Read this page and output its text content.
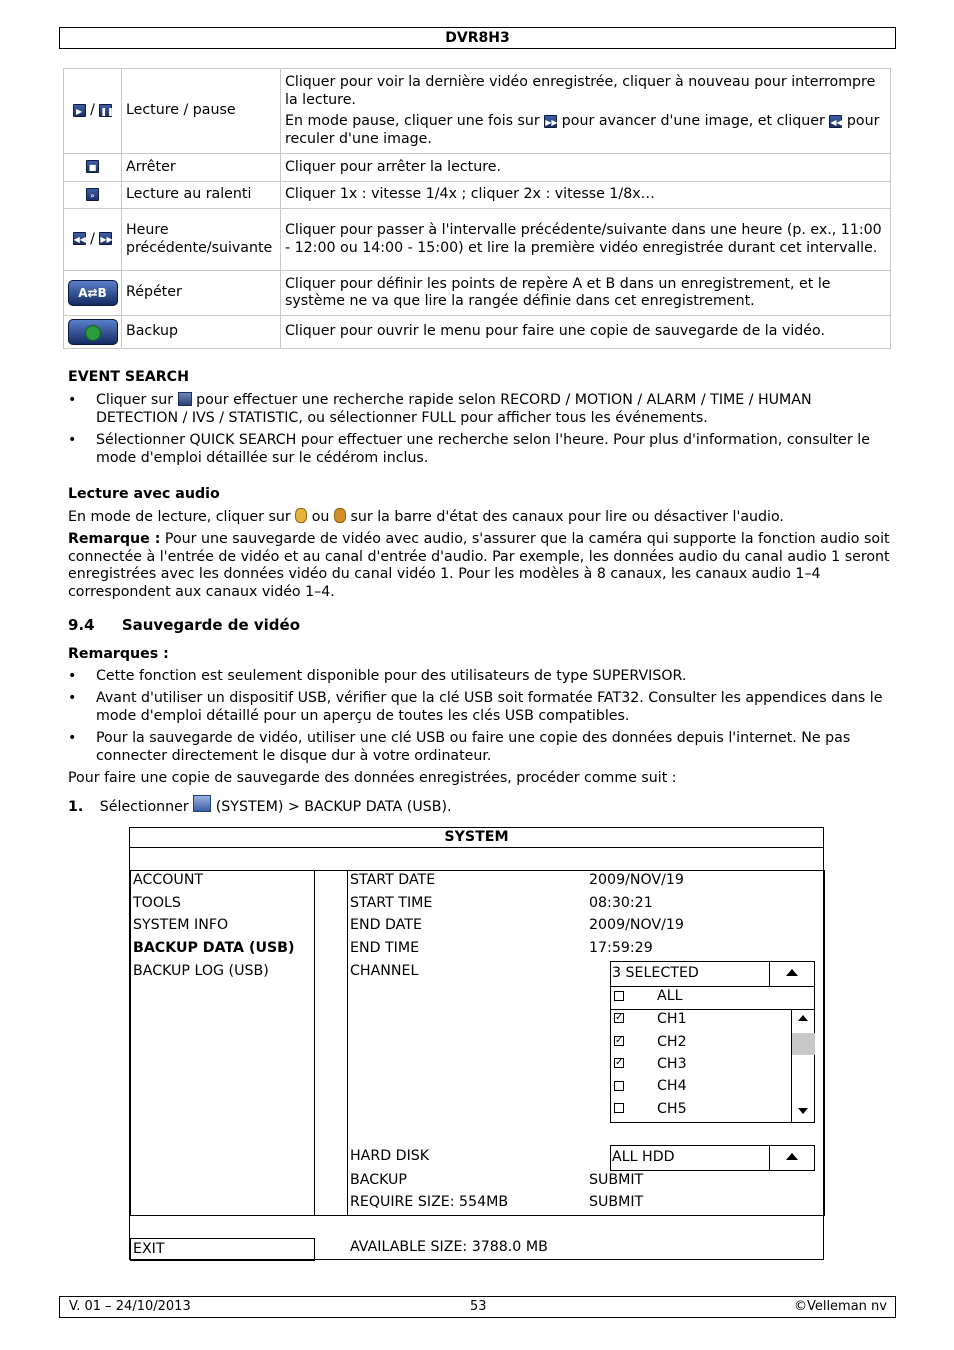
DVR8H3
▶ / ❚❚	Lecture / pause	Cliquer pour voir la dernière vidéo enregistrée, cliquer à nouveau pour interrompre la lecture.

En mode pause, cliquer une fois sur ▶▶ pour avancer d'une image, et cliquer ◀◀ pour reculer d'une image.

■	Arrêter	Cliquer pour arrêter la lecture.
»	Lecture au ralenti	Cliquer 1x : vitesse 1/4x ; cliquer 2x : vitesse 1/8x…
◀◀ / ▶▶	Heure précédente/suivante	Cliquer pour passer à l'intervalle précédente/suivante dans une heure (p. ex., 11:00 - 12:00 ou 14:00 - 15:00) et lire la première vidéo enregistrée durant cet intervalle.
A⇄B	Répéter	Cliquer pour définir les points de repère A et B dans un enregistrement, et le système ne va que lire la rangée définie dans cet enregistrement.
	Backup	Cliquer pour ouvrir le menu pour faire une copie de sauvegarde de la vidéo.
EVENT SEARCH
• Cliquer sur pour effectuer une recherche rapide selon RECORD / MOTION / ALARM / TIME / HUMAN DETECTION / IVS / STATISTIC, ou sélectionner FULL pour afficher tous les événements.
• Sélectionner QUICK SEARCH pour effectuer une recherche selon l'heure. Pour plus d'information, consulter le mode d'emploi détaillée sur le cédérom inclus.
Lecture avec audio
En mode de lecture, cliquer sur ou sur la barre d'état des canaux pour lire ou désactiver l'audio.
Remarque : Pour une sauvegarde de vidéo avec audio, s'assurer que la caméra qui supporte la fonction audio soit connectée à l'entrée de vidéo et au canal d'entrée d'audio. Par exemple, les données audio du canal audio 1 seront enregistrées avec les données vidéo du canal vidéo 1. Pour les modèles à 8 canaux, les canaux audio 1–4 correspondent aux canaux vidéo 1–4.
9.4 Sauvegarde de vidéo
Remarques :
• Cette fonction est seulement disponible pour des utilisateurs de type SUPERVISOR.
• Avant d'utiliser un dispositif USB, vérifier que la clé USB soit formatée FAT32. Consulter les appendices dans le mode d'emploi détaillé pour un aperçu de toutes les clés USB compatibles.
• Pour la sauvegarde de vidéo, utiliser une clé USB ou faire une copie des données depuis l'internet. Ne pas connecter directement le disque dur à votre ordinateur.
Pour faire une copie de sauvegarde des données enregistrées, procéder comme suit :
1. Sélectionner (SYSTEM) > BACKUP DATA (USB).
SYSTEM
ACCOUNT
TOOLS
SYSTEM INFO
BACKUP DATA (USB)
BACKUP LOG (USB)
EXIT
START DATE	2009/NOV/19
START TIME	08:30:21
END DATE	2009/NOV/19
END TIME	17:59:29
CHANNEL	3 SELECTED
ALL
✓ CH1
✓ CH2
✓ CH3
CH4
CH5
HARD DISK	ALL HDD
BACKUP	SUBMIT
REQUIRE SIZE: 554MB	SUBMIT
AVAILABLE SIZE: 3788.0 MB
V. 01 – 24/10/2013	53	©Velleman nv
